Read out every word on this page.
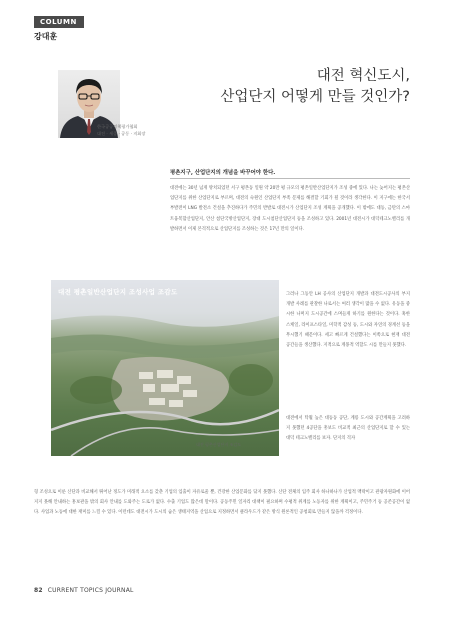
COLUMN
강대훈
한국공공정책평가협회
대전 · 세종 · 공동 · 지회장
대전 혁신도시,
산업단지 어떻게 만들 것인가?
평촌지구, 산업단지의 개념을 바꾸어야 한다.
대전에는 30년 넘게 방치되었던 서구 평촌동 일원 약 20만 평 규모의 평촌일반산업단지가 조성 중에 있다. 나는 늦어지는 평촌산업단지를 위한 산업단지로 부르며, 대전의 숙원인 산업단지 부족 문제를 해결할 기회가 될 것이라 생각한다. 이 지구에는 한국서부발전이 LNG 발전소 건설을 추진하다가 주민의 반발로 대전시가 산업단지 조성 계획을 공개했다. 이 밖에도 대동, 금탄의 스마트융복합산업단지, 안산 첨단국방산업단지, 장대 도시첨단산업단지 등을 조성하고 있다. 2001년 대전시가 대덕테크노밸리를 개발하면서 이제 본격적으로 산업단지를 조성하는 것은 17년 만의 일이다.
대전 평촌일반산업단지 조성사업 조감도
대전 평촌산업단지 조감도
그러나 그동안 LH 공사의 산업단지 개발과 대전도시공사의 부지 개발 사례를 관찰한 나로서는 여러 생각이 많을 수 없다. 유동을 중시한 나머지 도시공간에 스며들게 하기를 원한다는 것이다. 혹한 스케일, 라이프스타일, 미학적 감성 등, 도시와 자연의 경계선 등을 무시했기 때문이다. 세고 빠르게 건설했다는 이쪽으로 현재 대전 공간들을 생산했다. 지적으로 계몽적 역할도 시를 만들지 못했다.
대전에서 탁월 높은 대동동 공단, 계룡 도시와 공간계획을 고려하지 못했던 4공단을 흥보도 비교적 최근의 산업단지로 할 수 있는 대덕 테크노밸리를 보자. 단지의 격자
형 조성으로 이룬 산단과 비교해서 뛰어난 정도가 미래적 요소를 갖춘 기업의 입출이 자유로울 뿐, 건강한 산업문화를 닦지 못했다. 산단 전체의 입주 회사 하나하나가 산업적 맥락이고 관광자원화에 이어지지 못해 안내하는 홍보관을 밖의 회사 안내를 도와주는 도로가 없다. 수출 기업도 많은데 말이다. 공동주민 일자리 대책이 필요하며 수평적 위계를 노동자를 위한 계획이고, 주민주거 등 공존공간이 없다. 사업과 노동에 대한 재미를 느낄 수 있다. 이런데도 대전시가 도시의 숨은 생태지역을 산업으로 지정하면서 클라우드가 같은 방식 원론적인 공청회로 만들지 않을까 걱정이다.
82 CURRENT TOPICS JOURNAL
